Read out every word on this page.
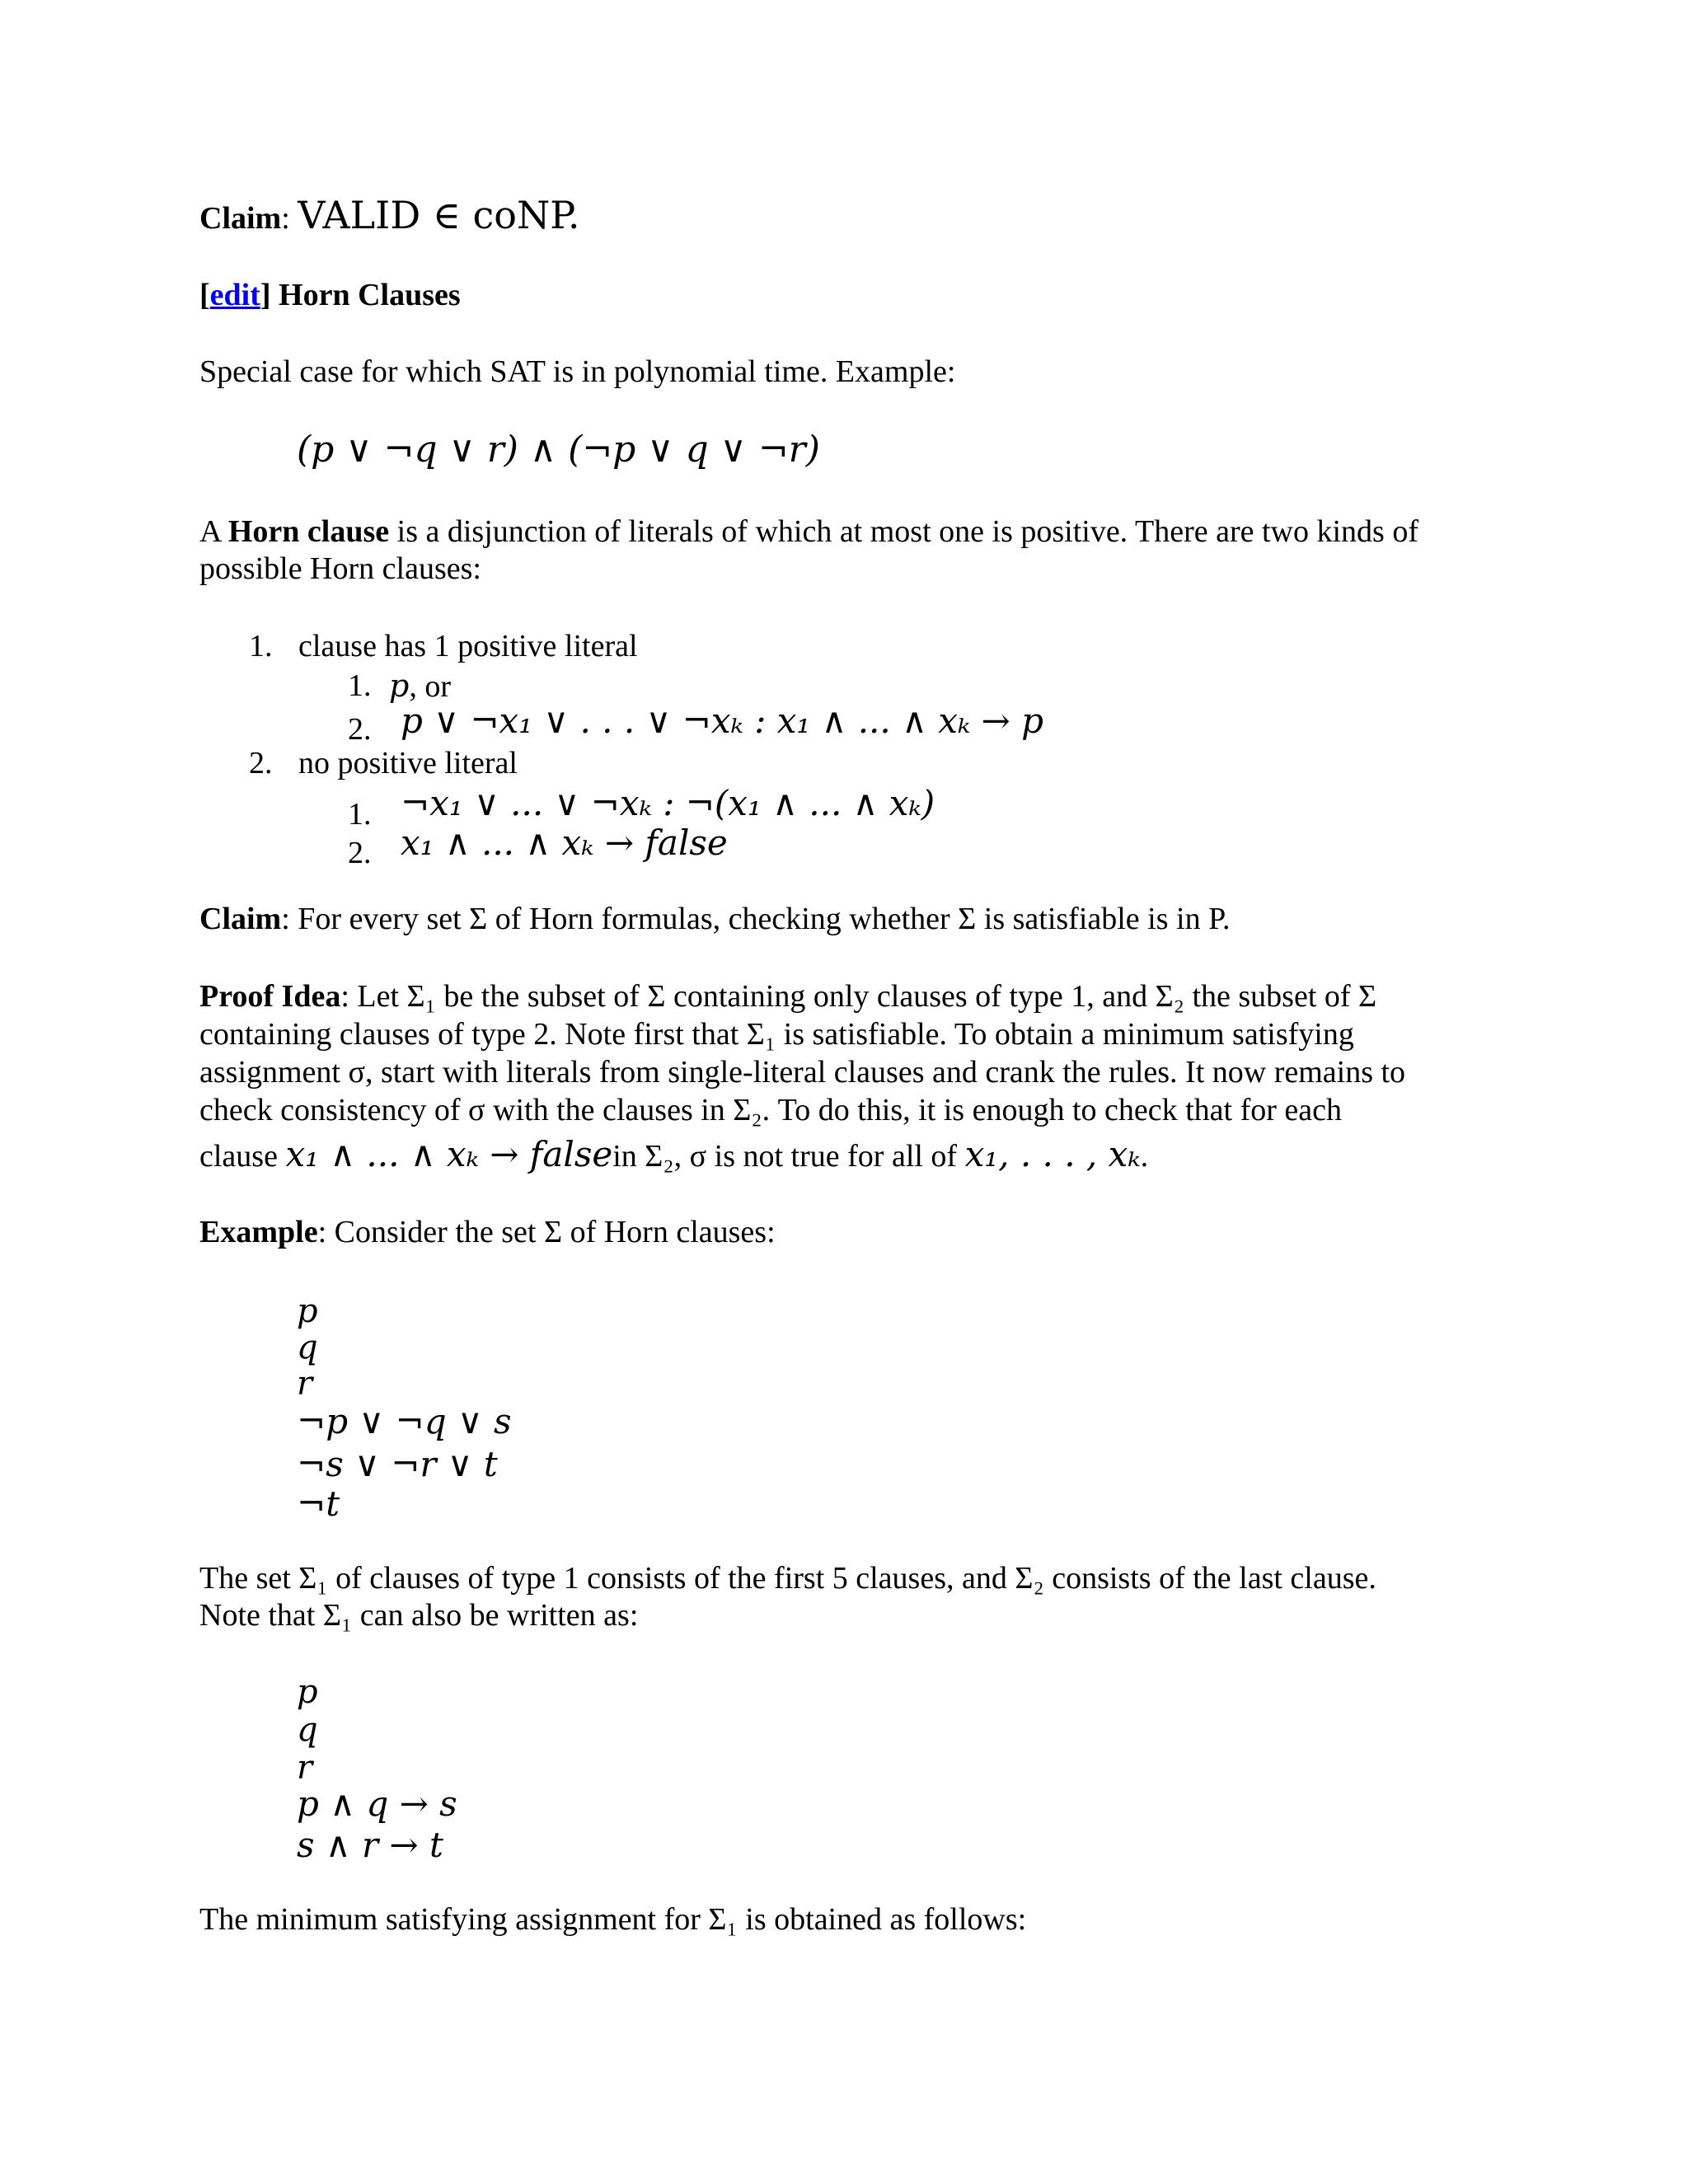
Claim: VALID ∈ coNP.
[edit] Horn Clauses
Special case for which SAT is in polynomial time. Example:
(p ∨ ¬q ∨ r) ∧ (¬p ∨ q ∨ ¬r)
A Horn clause is a disjunction of literals of which at most one is positive. There are two kinds of
possible Horn clauses:
1. clause has 1 positive literal
1. p, or
2. p ∨ ¬x₁ ∨ . . . ∨ ¬xₖ : x₁ ∧ ... ∧ xₖ → p
2. no positive literal
1. ¬x₁ ∨ ... ∨ ¬xₖ : ¬(x₁ ∧ ... ∧ xₖ)
2. x₁ ∧ ... ∧ xₖ → false
Claim: For every set Σ of Horn formulas, checking whether Σ is satisfiable is in P.
Proof Idea: Let Σ₁ be the subset of Σ containing only clauses of type 1, and Σ₂ the subset of Σ
containing clauses of type 2. Note first that Σ₁ is satisfiable. To obtain a minimum satisfying
assignment σ, start with literals from single-literal clauses and crank the rules. It now remains to
check consistency of σ with the clauses in Σ₂. To do this, it is enough to check that for each
clause x₁ ∧ ... ∧ xₖ → falsein Σ₂, σ is not true for all of x₁, . . . , xₖ.
Example: Consider the set Σ of Horn clauses:
p
q
r
¬p ∨ ¬q ∨ s
¬s ∨ ¬r ∨ t
¬t
The set Σ₁ of clauses of type 1 consists of the first 5 clauses, and Σ₂ consists of the last clause.
Note that Σ₁ can also be written as:
p
q
r
p ∧ q → s
s ∧ r → t
The minimum satisfying assignment for Σ₁ is obtained as follows:
